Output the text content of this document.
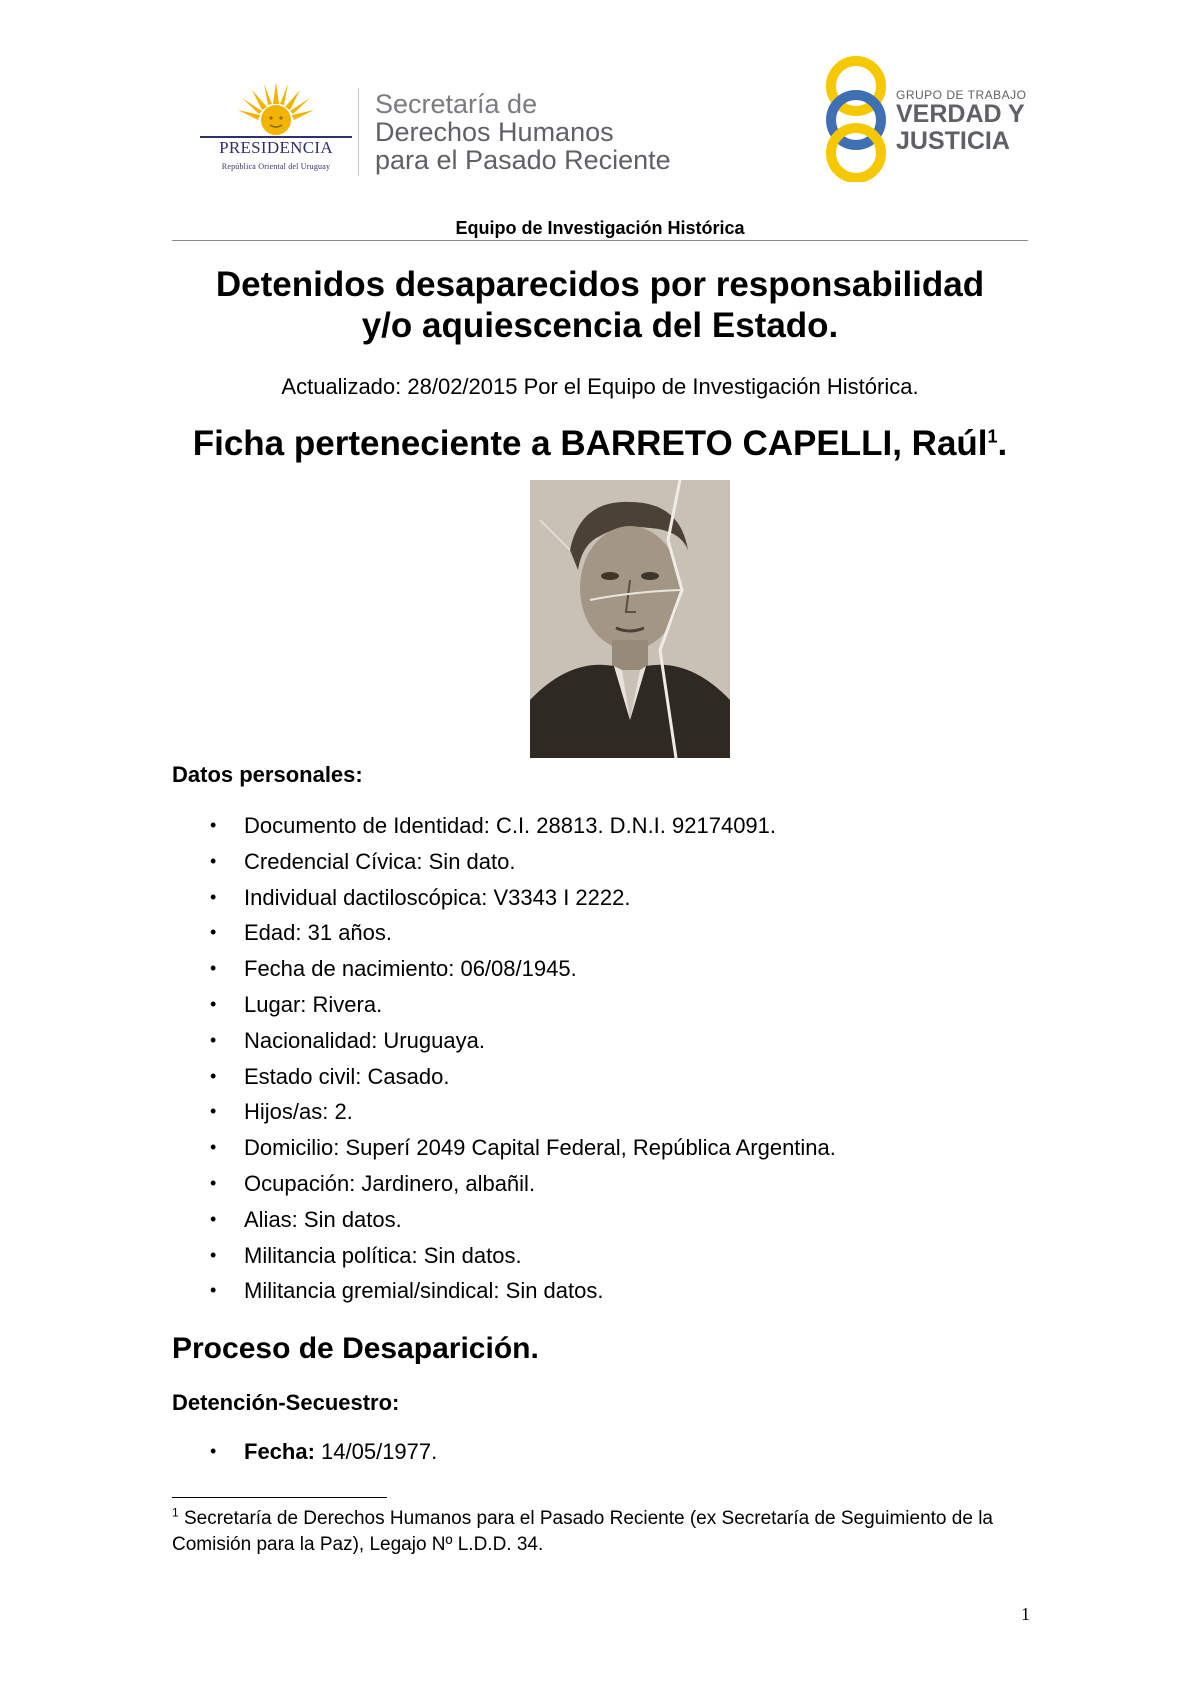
PRESIDENCIA
República Oriental del Uruguay
Secretaría de
Derechos Humanos
para el Pasado Reciente
GRUPO DE TRABAJO
VERDAD Y
JUSTICIA
Equipo de Investigación Histórica
Detenidos desaparecidos por responsabilidad
y/o aquiescencia del Estado.
Actualizado: 28/02/2015 Por el Equipo de Investigación Histórica.
Ficha perteneciente a BARRETO CAPELLI, Raúl$^1$.
Datos personales:
• Documento de Identidad: C.I. 28813. D.N.I. 92174091.
• Credencial Cívica: Sin dato.
• Individual dactiloscópica: V3343 I 2222.
• Edad: 31 años.
• Fecha de nacimiento: 06/08/1945.
• Lugar: Rivera.
• Nacionalidad: Uruguaya.
• Estado civil: Casado.
• Hijos/as: 2.
• Domicilio: Superí 2049 Capital Federal, República Argentina.
• Ocupación: Jardinero, albañil.
• Alias: Sin datos.
• Militancia política: Sin datos.
• Militancia gremial/sindical: Sin datos.
Proceso de Desaparición.
Detención-Secuestro:
• Fecha: 14/05/1977.
$^1$ Secretaría de Derechos Humanos para el Pasado Reciente (ex Secretaría de Seguimiento de la Comisión para la Paz), Legajo Nº L.D.D. 34.
1
